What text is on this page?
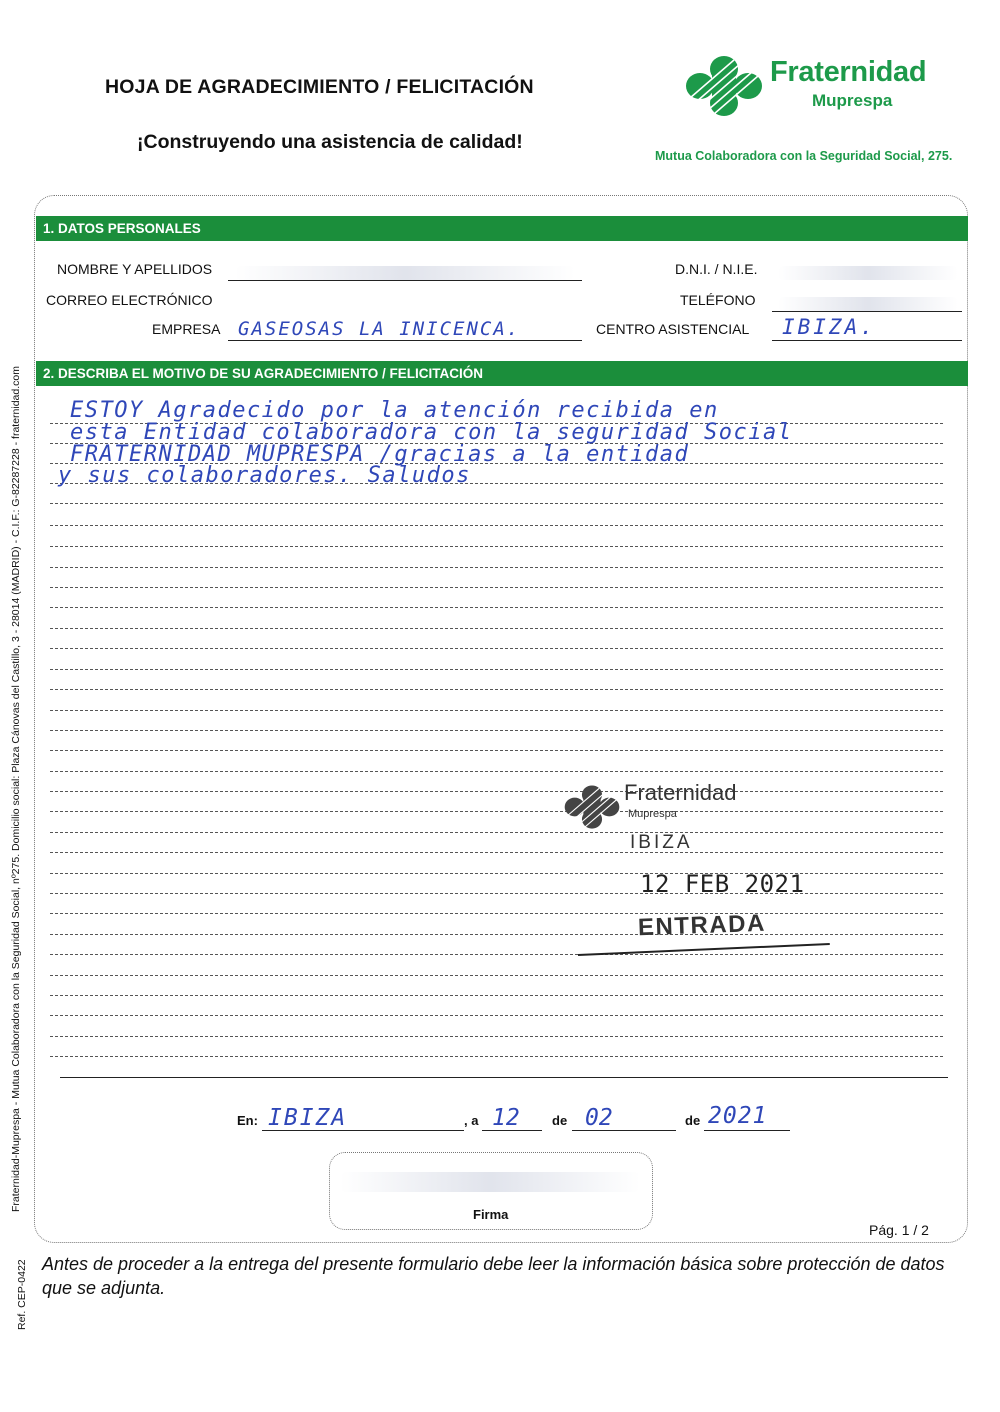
HOJA DE AGRADECIMIENTO / FELICITACIÓN
¡Construyendo una asistencia de calidad!
Fraternidad
Muprespa
Mutua Colaboradora con la Seguridad Social, 275.
1. DATOS PERSONALES
NOMBRE Y APELLIDOS
CORREO ELECTRÓNICO
EMPRESA GASEOSAS LA INICENCA.
D.N.I. / N.I.E.
TELÉFONO
CENTRO ASISTENCIAL IBIZA.
2. DESCRIBA EL MOTIVO DE SU AGRADECIMIENTO / FELICITACIÓN
ESTOY Agradecido por la atención recibida en
esta Entidad colaboradora con la seguridad Social
FRATERNIDAD MUPRESPA /gracias a la entidad
y sus colaboradores. Saludos
Fraternidad
Muprespa
IBIZA
12 FEB 2021
ENTRADA
En: IBIZA	, a 12 de 02	de 2021
Firma
Pág. 1 / 2
Antes de proceder a la entrega del presente formulario debe leer la información básica sobre protección de datos que se adjunta.
Fraternidad-Muprespa - Mutua Colaboradora con la Seguridad Social, nº275. Domicilio social: Plaza Cánovas del Castillo, 3 - 28014 (MADRID) - C.I.F.: G-82287228 - fraternidad.com
Ref. CEP-0422
